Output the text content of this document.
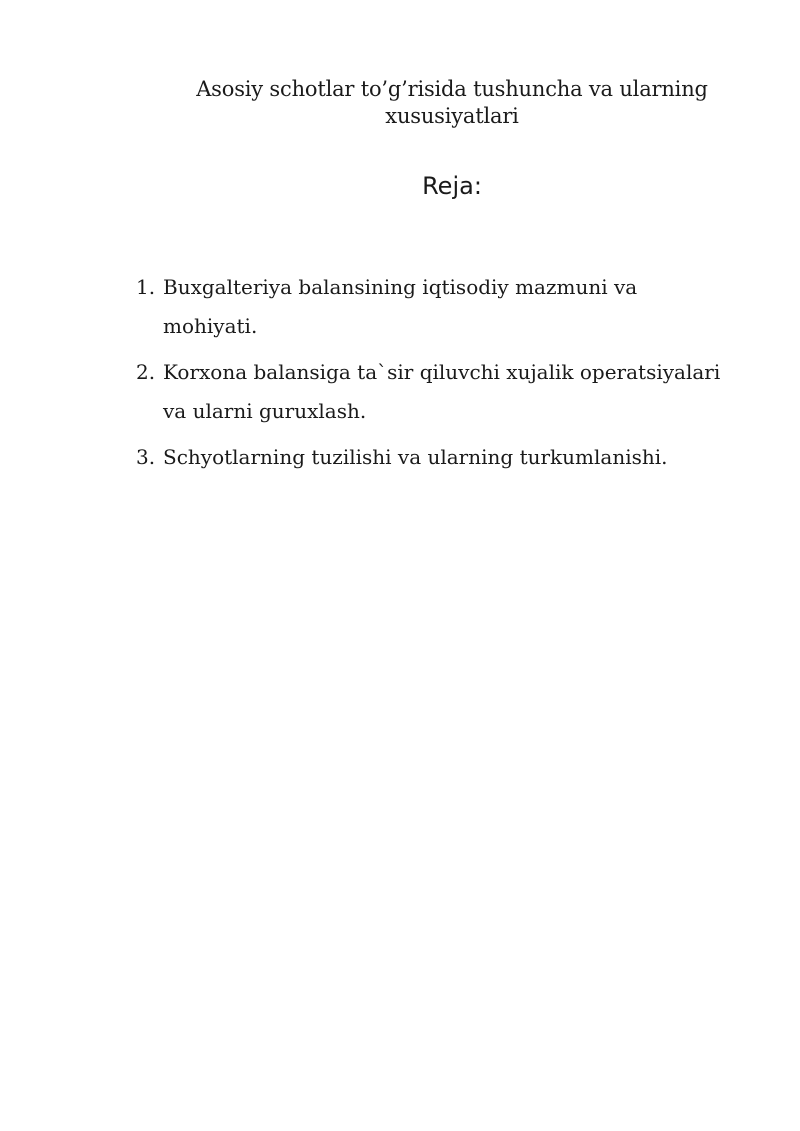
Asosiy schotlar to’g’risida tushuncha va ularning
xususiyatlari
Reja:
1. Buxgalteriya balansining iqtisodiy mazmuni va mohiyati.
2. Korxona balansiga ta`sir qiluvchi xujalik operatsiyalari va ularni guruxlash.
3. Schyotlarning tuzilishi va ularning turkumlanishi.
